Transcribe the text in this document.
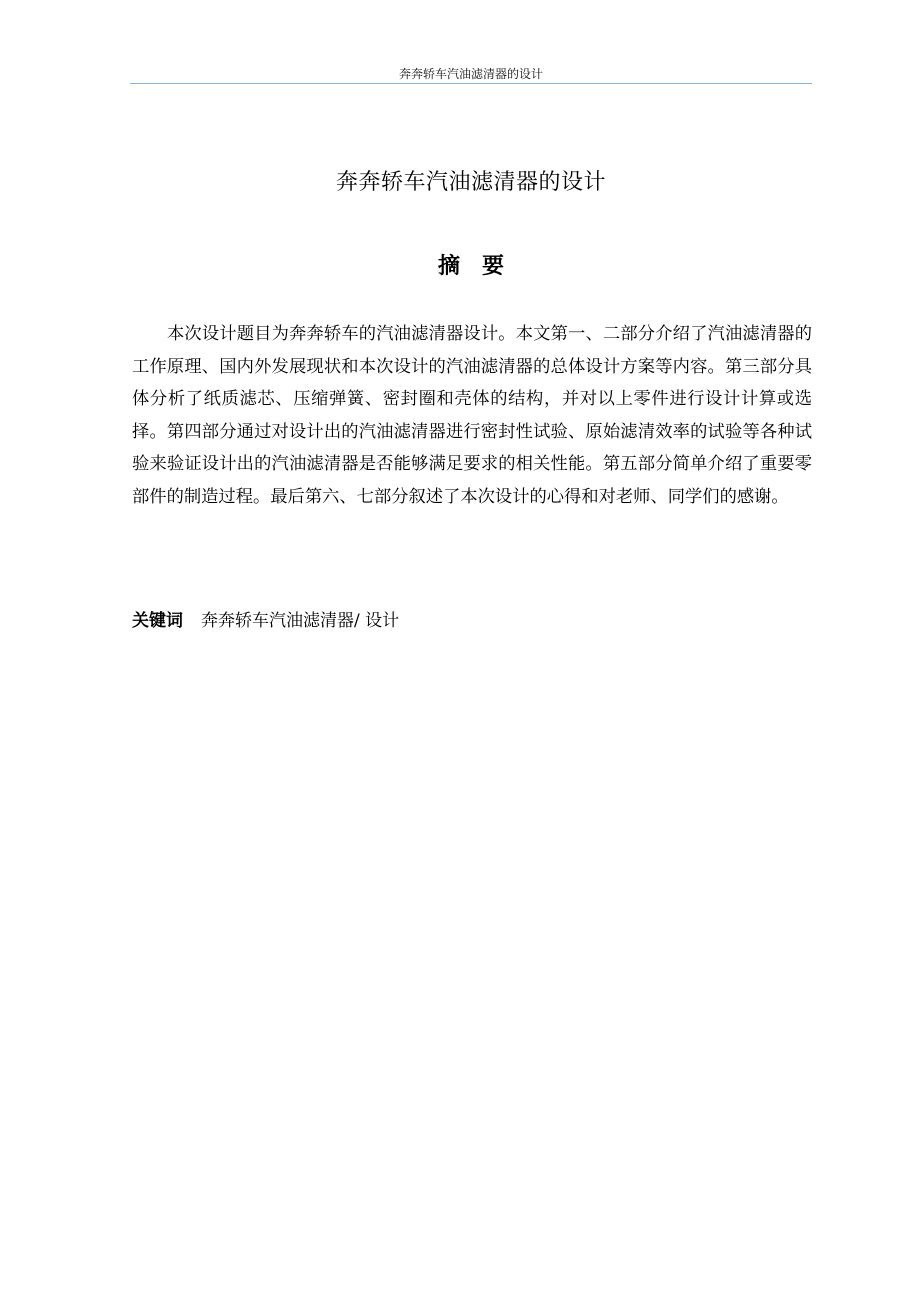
奔奔轿车汽油滤清器的设计
奔奔轿车汽油滤清器的设计
摘要

本次设计题目为奔奔轿车的汽油滤清器设计。本文第一、二部分介绍了汽油滤清器的工作原理、国内外发展现状和本次设计的汽油滤清器的总体设计方案等内容。第三部分具体分析了纸质滤芯、压缩弹簧、密封圈和壳体的结构，并对以上零件进行设计计算或选择。第四部分通过对设计出的汽油滤清器进行密封性试验、原始滤清效率的试验等各种试验来验证设计出的汽油滤清器是否能够满足要求的相关性能。第五部分简单介绍了重要零部件的制造过程。最后第六、七部分叙述了本次设计的心得和对老师、同学们的感谢。

关键词 奔奔轿车汽油滤清器/ 设计
